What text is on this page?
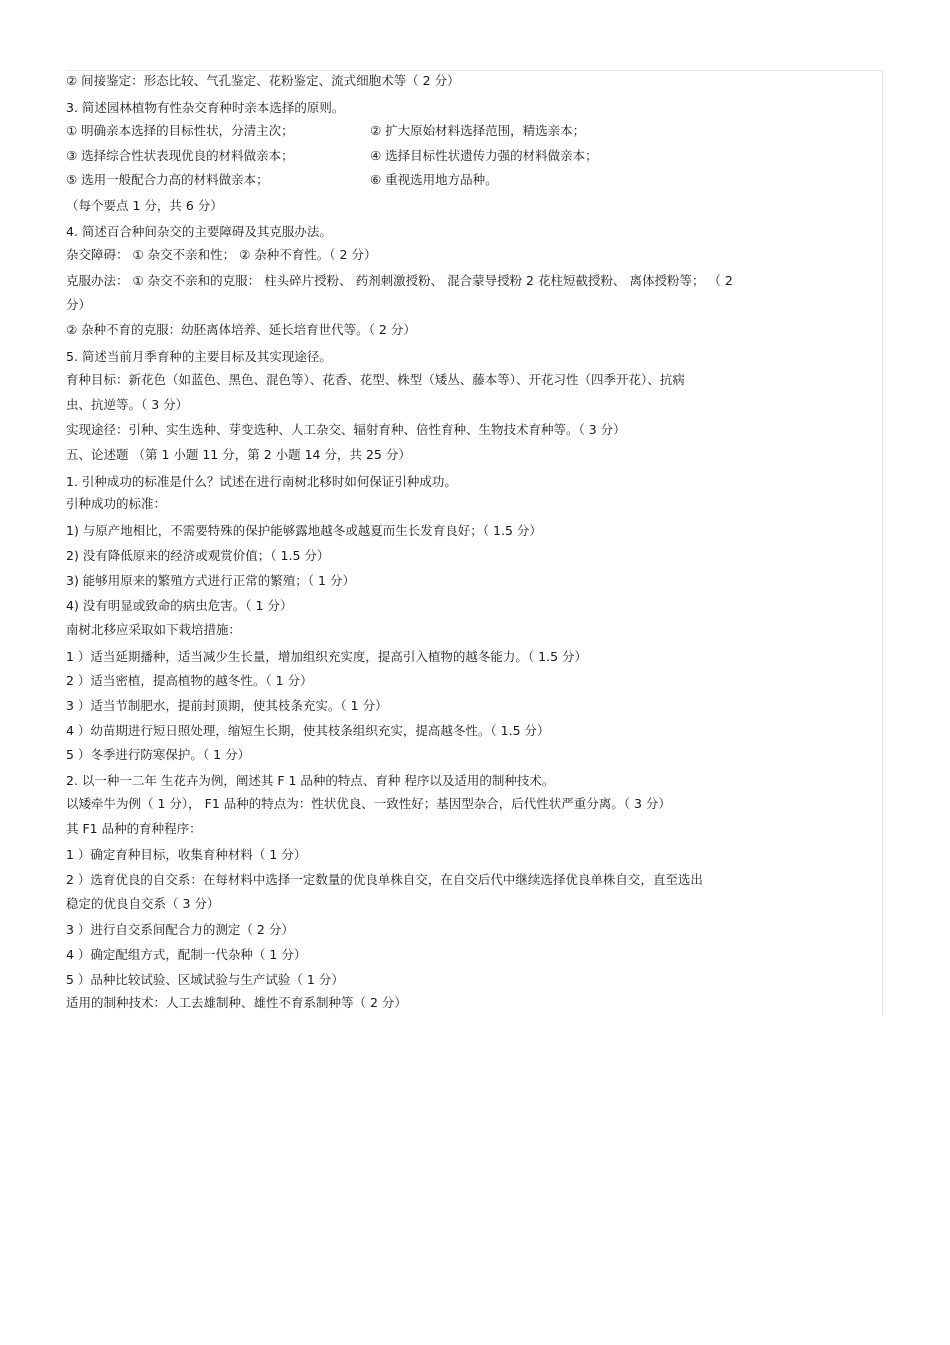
② 间接鉴定：形态比较、气孔鉴定、花粉鉴定、流式细胞术等（ 2 分）
3. 简述园林植物有性杂交育种时亲本选择的原则。
① 明确亲本选择的目标性状，分清主次；	② 扩大原始材料选择范围，精选亲本；
③ 选择综合性状表现优良的材料做亲本；	④ 选择目标性状遗传力强的材料做亲本；
⑤ 选用一般配合力高的材料做亲本；	⑥ 重视选用地方品种。
（每个要点 1 分，共 6 分）
4. 简述百合种间杂交的主要障碍及其克服办法。
杂交障碍： ① 杂交不亲和性； ② 杂种不育性。（ 2 分）
克服办法： ① 杂交不亲和的克服： 柱头碎片授粉、 药剂刺激授粉、 混合蒙导授粉 2 花柱短截授粉、 离体授粉等； （ 2
分）
② 杂种不育的克服：幼胚离体培养、延长培育世代等。（ 2 分）
5. 简述当前月季育种的主要目标及其实现途径。
育种目标：新花色（如蓝色、黑色、混色等）、花香、花型、株型（矮丛、藤本等）、开花习性（四季开花）、抗病
虫、抗逆等。（ 3 分）
实现途径：引种、实生选种、芽变选种、人工杂交、辐射育种、倍性育种、生物技术育种等。（ 3 分）
五、论述题 （第 1 小题 11 分，第 2 小题 14 分，共 25 分）
1. 引种成功的标准是什么？试述在进行南树北移时如何保证引种成功。
引种成功的标准：
1) 与原产地相比，不需要特殊的保护能够露地越冬或越夏而生长发育良好；（ 1.5 分）
2) 没有降低原来的经济或观赏价值；（ 1.5 分）
3) 能够用原来的繁殖方式进行正常的繁殖；（ 1 分）
4) 没有明显或致命的病虫危害。（ 1 分）
南树北移应采取如下栽培措施：
1 ）适当延期播种，适当减少生长量，增加组织充实度，提高引入植物的越冬能力。（ 1.5 分）
2 ）适当密植，提高植物的越冬性。（ 1 分）
3 ）适当节制肥水，提前封顶期，使其枝条充实。（ 1 分）
4 ）幼苗期进行短日照处理，缩短生长期，使其枝条组织充实，提高越冬性。（ 1.5 分）
5 ）冬季进行防寒保护。（ 1 分）
2. 以一种一二年 生花卉为例，阐述其 F 1 品种的特点、育种 程序以及适用的制种技术。
以矮牵牛为例（ 1 分）， F1 品种的特点为：性状优良、一致性好；基因型杂合，后代性状严重分离。（ 3 分）
其 F1 品种的育种程序：
1 ）确定育种目标，收集育种材料（ 1 分）
2 ）选育优良的自交系：在每材料中选择一定数量的优良单株自交，在自交后代中继续选择优良单株自交，直至选出
稳定的优良自交系（ 3 分）
3 ）进行自交系间配合力的测定（ 2 分）
4 ）确定配组方式，配制一代杂种（ 1 分）
5 ）品种比较试验、区域试验与生产试验（ 1 分）
适用的制种技术：人工去雄制种、雄性不育系制种等（ 2 分）
